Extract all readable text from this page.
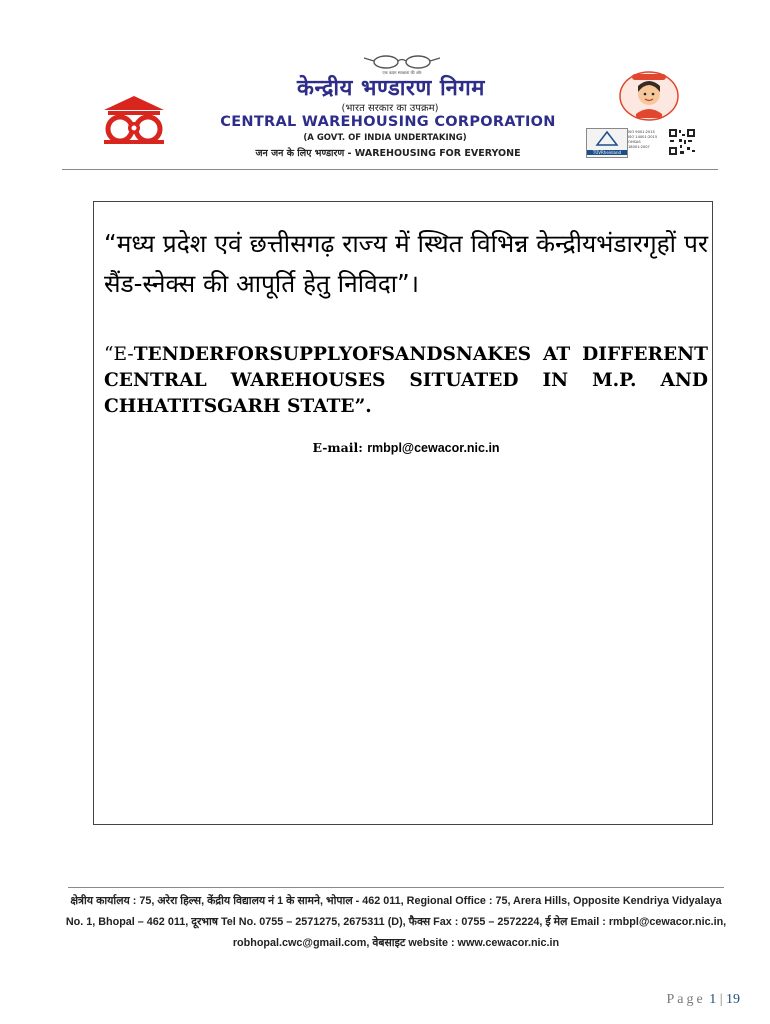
एक कदम स्वच्छता की ओर
केन्द्रीय भण्डारण निगम
(भारत सरकार का उपक्रम)
CENTRAL WAREHOUSING CORPORATION
(A GOVT. OF INDIA UNDERTAKING)
जन जन के लिए भण्डारण - WAREHOUSING FOR EVERYONE	TÜVRheinland
ISO 9001:2015
ISO 14001:2015
OHSAS
18001:2007
“मध्य प्रदेश एवं छत्तीसगढ़ राज्य में स्थित विभिन्न केन्द्रीयभंडारगृहों पर सैंड-स्नेक्स की आपूर्ति हेतु निविदा”।
“E-TENDERFORSUPPLYOFSANDSNAKES AT DIFFERENT CENTRAL WAREHOUSES SITUATED IN M.P. AND CHHATITSGARH STATE”.
E-mail: rmbpl@cewacor.nic.in
क्षेत्रीय कार्यालय : 75, अरेरा हिल्स, केंद्रीय विद्यालय नं 1 के सामने, भोपाल - 462 011, Regional Office : 75, Arera Hills, Opposite Kendriya Vidyalaya
No. 1, Bhopal – 462 011, दूरभाष Tel No. 0755 – 2571275, 2675311 (D), फैक्स Fax : 0755 – 2572224, ई मेल Email : rmbpl@cewacor.nic.in,
robhopal.cwc@gmail.com, वेबसाइट website : www.cewacor.nic.in
Page 1 | 19
